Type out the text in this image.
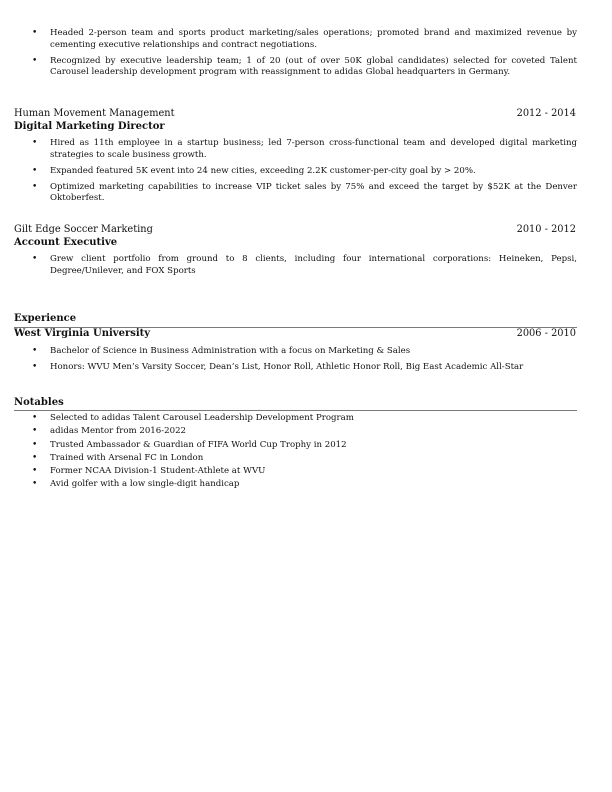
• Headed 2-person team and sports product marketing/sales operations; promoted brand and maximized revenue by cementing executive relationships and contract negotiations.
• Recognized by executive leadership team; 1 of 20 (out of over 50K global candidates) selected for coveted Talent Carousel leadership development program with reassignment to adidas Global headquarters in Germany.
Human Movement Management	2012 - 2014
Digital Marketing Director
• Hired as 11th employee in a startup business; led 7-person cross-functional team and developed digital marketing strategies to scale business growth.
• Expanded featured 5K event into 24 new cities, exceeding 2.2K customer-per-city goal by > 20%.
• Optimized marketing capabilities to increase VIP ticket sales by 75% and exceed the target by $52K at the Denver Oktoberfest.
Gilt Edge Soccer Marketing	2010 - 2012
Account Executive
• Grew client portfolio from ground to 8 clients, including four international corporations: Heineken, Pepsi, Degree/Unilever, and FOX Sports
Experience
West Virginia University	2006 - 2010
• Bachelor of Science in Business Administration with a focus on Marketing & Sales
• Honors: WVU Men’s Varsity Soccer, Dean’s List, Honor Roll, Athletic Honor Roll, Big East Academic All-Star
Notables
• Selected to adidas Talent Carousel Leadership Development Program
• adidas Mentor from 2016-2022
• Trusted Ambassador & Guardian of FIFA World Cup Trophy in 2012
• Trained with Arsenal FC in London
• Former NCAA Division-1 Student-Athlete at WVU
• Avid golfer with a low single-digit handicap
